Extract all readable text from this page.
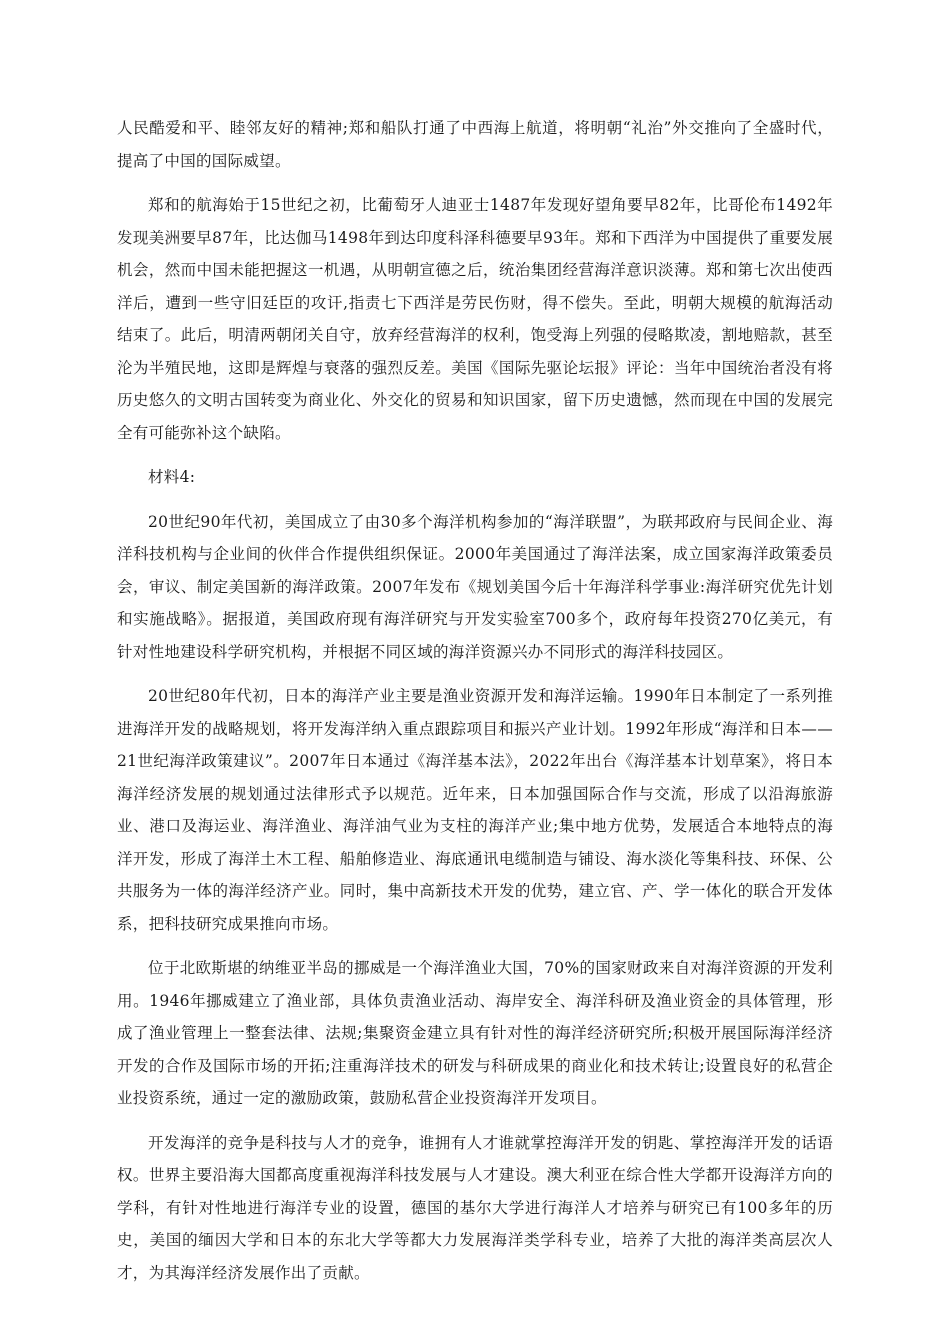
人民酷爱和平、睦邻友好的精神;郑和船队打通了中西海上航道，将明朝“礼治”外交推向了全盛时代，提高了中国的国际威望。

郑和的航海始于15世纪之初，比葡萄牙人迪亚士1487年发现好望角要早82年，比哥伦布1492年发现美洲要早87年，比达伽马1498年到达印度科泽科德要早93年。郑和下西洋为中国提供了重要发展机会，然而中国未能把握这一机遇，从明朝宣德之后，统治集团经营海洋意识淡薄。郑和第七次出使西洋后，遭到一些守旧廷臣的攻讦,指责七下西洋是劳民伤财，得不偿失。至此，明朝大规模的航海活动结束了。此后，明清两朝闭关自守，放弃经营海洋的权利，饱受海上列强的侵略欺凌，割地赔款，甚至沦为半殖民地，这即是辉煌与衰落的强烈反差。美国《国际先驱论坛报》评论：当年中国统治者没有将历史悠久的文明古国转变为商业化、外交化的贸易和知识国家，留下历史遗憾，然而现在中国的发展完全有可能弥补这个缺陷。

材料4:

20世纪90年代初，美国成立了由30多个海洋机构参加的“海洋联盟”，为联邦政府与民间企业、海洋科技机构与企业间的伙伴合作提供组织保证。2000年美国通过了海洋法案，成立国家海洋政策委员会，审议、制定美国新的海洋政策。2007年发布《规划美国今后十年海洋科学事业:海洋研究优先计划和实施战略》。据报道，美国政府现有海洋研究与开发实验室700多个，政府每年投资270亿美元，有针对性地建设科学研究机构，并根据不同区域的海洋资源兴办不同形式的海洋科技园区。

20世纪80年代初，日本的海洋产业主要是渔业资源开发和海洋运输。1990年日本制定了一系列推进海洋开发的战略规划，将开发海洋纳入重点跟踪项目和振兴产业计划。1992年形成“海洋和日本——21世纪海洋政策建议”。2007年日本通过《海洋基本法》，2022年出台《海洋基本计划草案》，将日本海洋经济发展的规划通过法律形式予以规范。近年来，日本加强国际合作与交流，形成了以沿海旅游业、港口及海运业、海洋渔业、海洋油气业为支柱的海洋产业;集中地方优势，发展适合本地特点的海洋开发，形成了海洋土木工程、船舶修造业、海底通讯电缆制造与铺设、海水淡化等集科技、环保、公共服务为一体的海洋经济产业。同时，集中高新技术开发的优势，建立官、产、学一体化的联合开发体系，把科技研究成果推向市场。

位于北欧斯堪的纳维亚半岛的挪威是一个海洋渔业大国，70%的国家财政来自对海洋资源的开发利用。1946年挪威建立了渔业部，具体负责渔业活动、海岸安全、海洋科研及渔业资金的具体管理，形成了渔业管理上一整套法律、法规;集聚资金建立具有针对性的海洋经济研究所;积极开展国际海洋经济开发的合作及国际市场的开拓;注重海洋技术的研发与科研成果的商业化和技术转让;设置良好的私营企业投资系统，通过一定的激励政策，鼓励私营企业投资海洋开发项目。

开发海洋的竞争是科技与人才的竞争，谁拥有人才谁就掌控海洋开发的钥匙、掌控海洋开发的话语权。世界主要沿海大国都高度重视海洋科技发展与人才建设。澳大利亚在综合性大学都开设海洋方向的学科，有针对性地进行海洋专业的设置，德国的基尔大学进行海洋人才培养与研究已有100多年的历史，美国的缅因大学和日本的东北大学等都大力发展海洋类学科专业，培养了大批的海洋类高层次人才，为其海洋经济发展作出了贡献。
